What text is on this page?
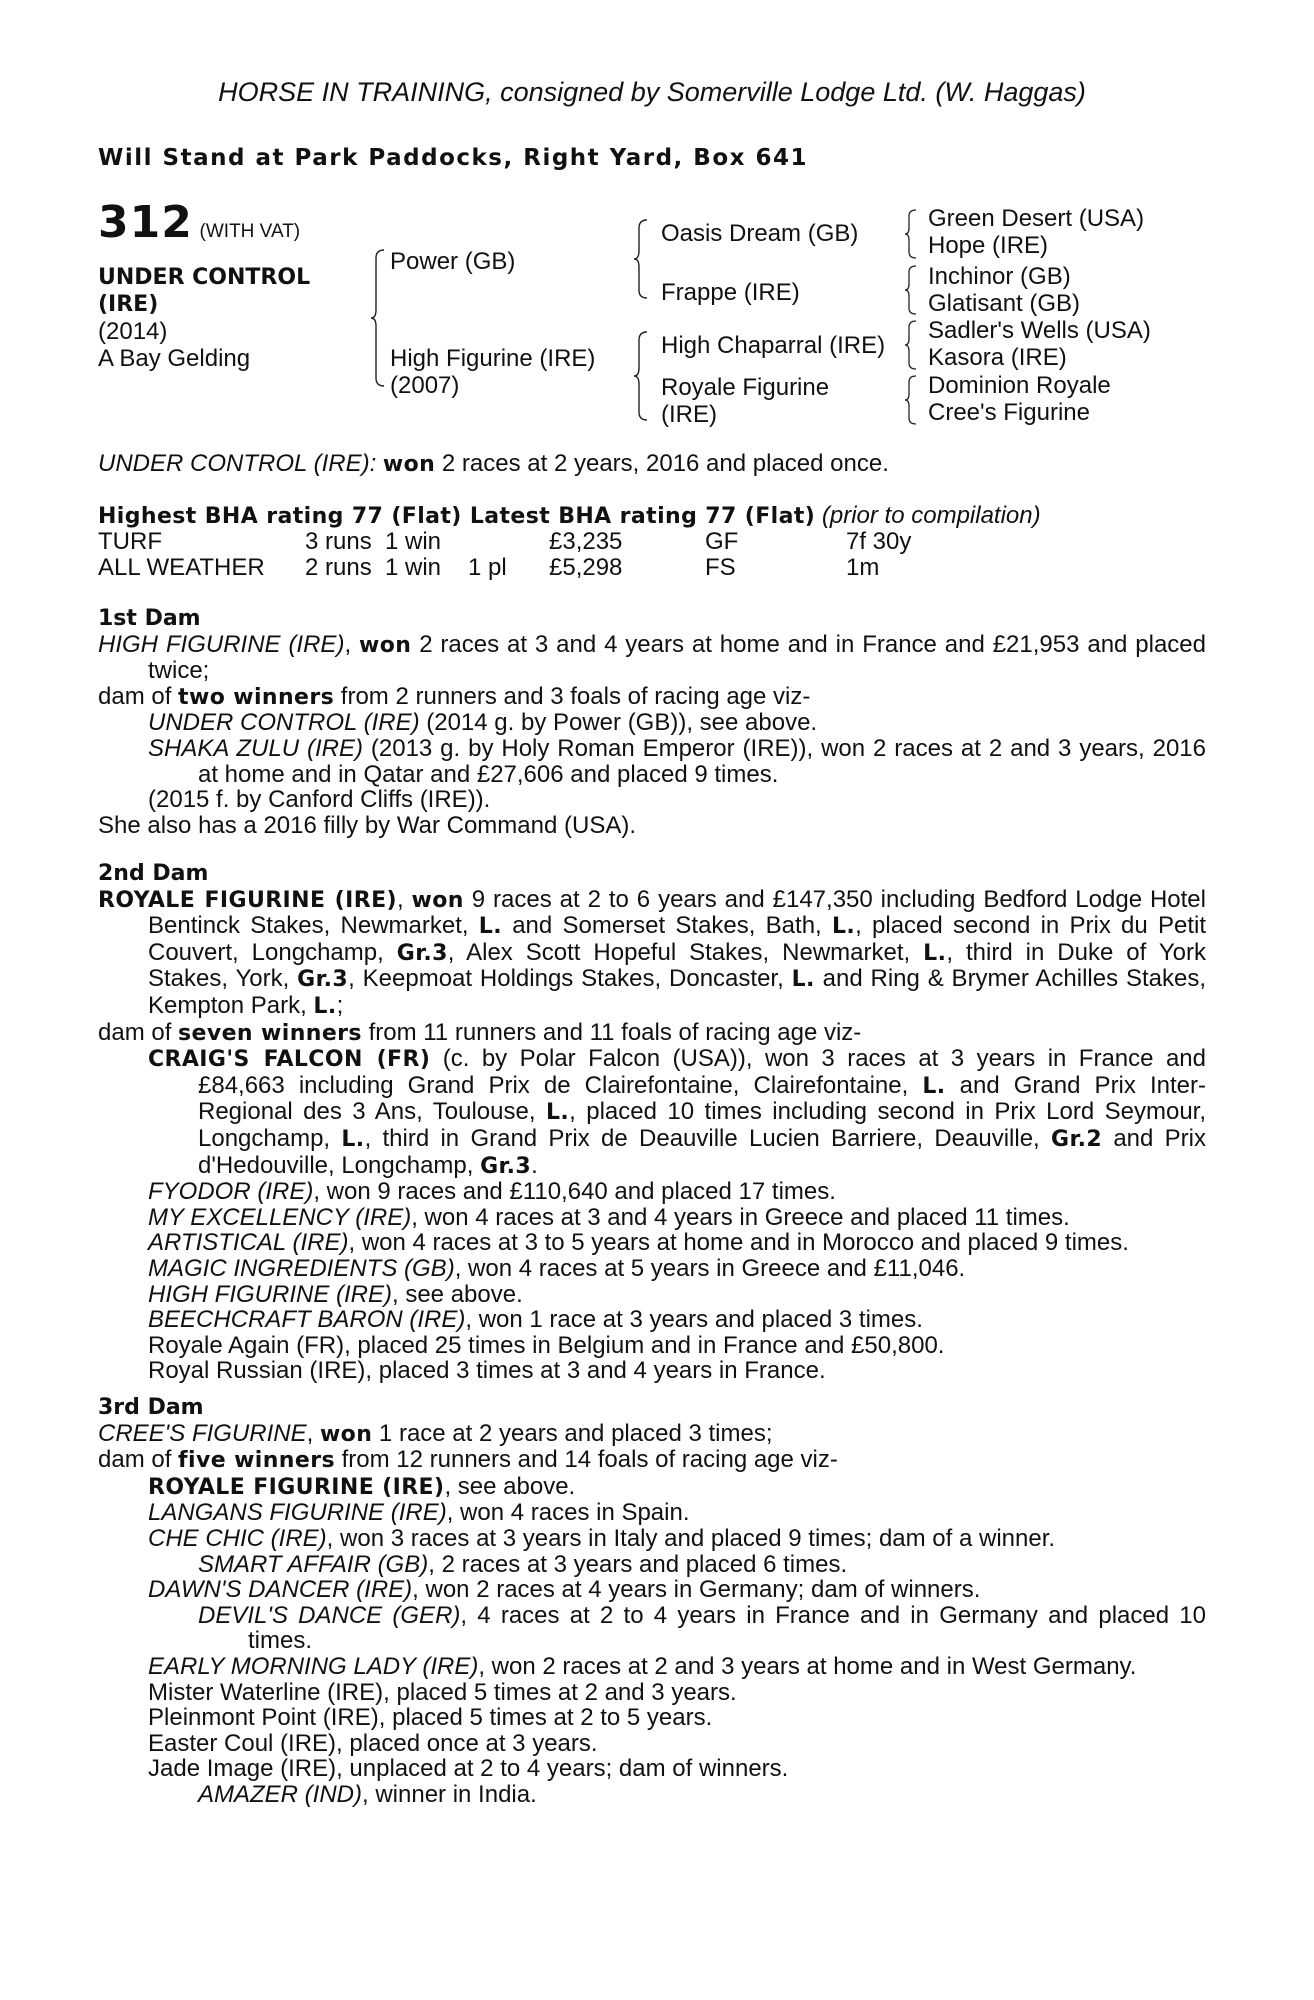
HORSE IN TRAINING, consigned by Somerville Lodge Ltd. (W. Haggas)
Will Stand at Park Paddocks, Right Yard, Box 641
312 (WITH VAT)
UNDER CONTROL
(IRE)
(2014)
A Bay Gelding
Power (GB)
High Figurine (IRE)
(2007)
Oasis Dream (GB)
Frappe (IRE)
High Chaparral (IRE)
Royale Figurine
(IRE)
Green Desert (USA)
Hope (IRE)
Inchinor (GB)
Glatisant (GB)
Sadler's Wells (USA)
Kasora (IRE)
Dominion Royale
Cree's Figurine
UNDER CONTROL (IRE): won 2 races at 2 years, 2016 and placed once.
Highest BHA rating 77 (Flat) Latest BHA rating 77 (Flat) (prior to compilation)
TURF	3 runs 1 win	£3,235	GF	7f 30y
ALL WEATHER 2 runs 1 win 1 pl £5,298	FS	1m
1st Dam

HIGH FIGURINE (IRE), won 2 races at 3 and 4 years at home and in France and £21,953 and placed twice;

dam of two winners from 2 runners and 3 foals of racing age viz-

UNDER CONTROL (IRE) (2014 g. by Power (GB)), see above.

SHAKA ZULU (IRE) (2013 g. by Holy Roman Emperor (IRE)), won 2 races at 2 and 3 years, 2016 at home and in Qatar and £27,606 and placed 9 times.

(2015 f. by Canford Cliffs (IRE)).

She also has a 2016 filly by War Command (USA).

2nd Dam

ROYALE FIGURINE (IRE), won 9 races at 2 to 6 years and £147,350 including Bedford Lodge Hotel Bentinck Stakes, Newmarket, L. and Somerset Stakes, Bath, L., placed second in Prix du Petit Couvert, Longchamp, Gr.3, Alex Scott Hopeful Stakes, Newmarket, L., third in Duke of York Stakes, York, Gr.3, Keepmoat Holdings Stakes, Doncaster, L. and Ring & Brymer Achilles Stakes, Kempton Park, L.;

dam of seven winners from 11 runners and 11 foals of racing age viz-

CRAIG'S FALCON (FR) (c. by Polar Falcon (USA)), won 3 races at 3 years in France and £84,663 including Grand Prix de Clairefontaine, Clairefontaine, L. and Grand Prix Inter-Regional des 3 Ans, Toulouse, L., placed 10 times including second in Prix Lord Seymour, Longchamp, L., third in Grand Prix de Deauville Lucien Barriere, Deauville, Gr.2 and Prix d'Hedouville, Longchamp, Gr.3.

FYODOR (IRE), won 9 races and £110,640 and placed 17 times.

MY EXCELLENCY (IRE), won 4 races at 3 and 4 years in Greece and placed 11 times.

ARTISTICAL (IRE), won 4 races at 3 to 5 years at home and in Morocco and placed 9 times.

MAGIC INGREDIENTS (GB), won 4 races at 5 years in Greece and £11,046.

HIGH FIGURINE (IRE), see above.

BEECHCRAFT BARON (IRE), won 1 race at 3 years and placed 3 times.

Royale Again (FR), placed 25 times in Belgium and in France and £50,800.

Royal Russian (IRE), placed 3 times at 3 and 4 years in France.

3rd Dam

CREE'S FIGURINE, won 1 race at 2 years and placed 3 times;

dam of five winners from 12 runners and 14 foals of racing age viz-

ROYALE FIGURINE (IRE), see above.

LANGANS FIGURINE (IRE), won 4 races in Spain.

CHE CHIC (IRE), won 3 races at 3 years in Italy and placed 9 times; dam of a winner.

SMART AFFAIR (GB), 2 races at 3 years and placed 6 times.

DAWN'S DANCER (IRE), won 2 races at 4 years in Germany; dam of winners.

DEVIL'S DANCE (GER), 4 races at 2 to 4 years in France and in Germany and placed 10 times.

EARLY MORNING LADY (IRE), won 2 races at 2 and 3 years at home and in West Germany.

Mister Waterline (IRE), placed 5 times at 2 and 3 years.

Pleinmont Point (IRE), placed 5 times at 2 to 5 years.

Easter Coul (IRE), placed once at 3 years.

Jade Image (IRE), unplaced at 2 to 4 years; dam of winners.

AMAZER (IND), winner in India.
